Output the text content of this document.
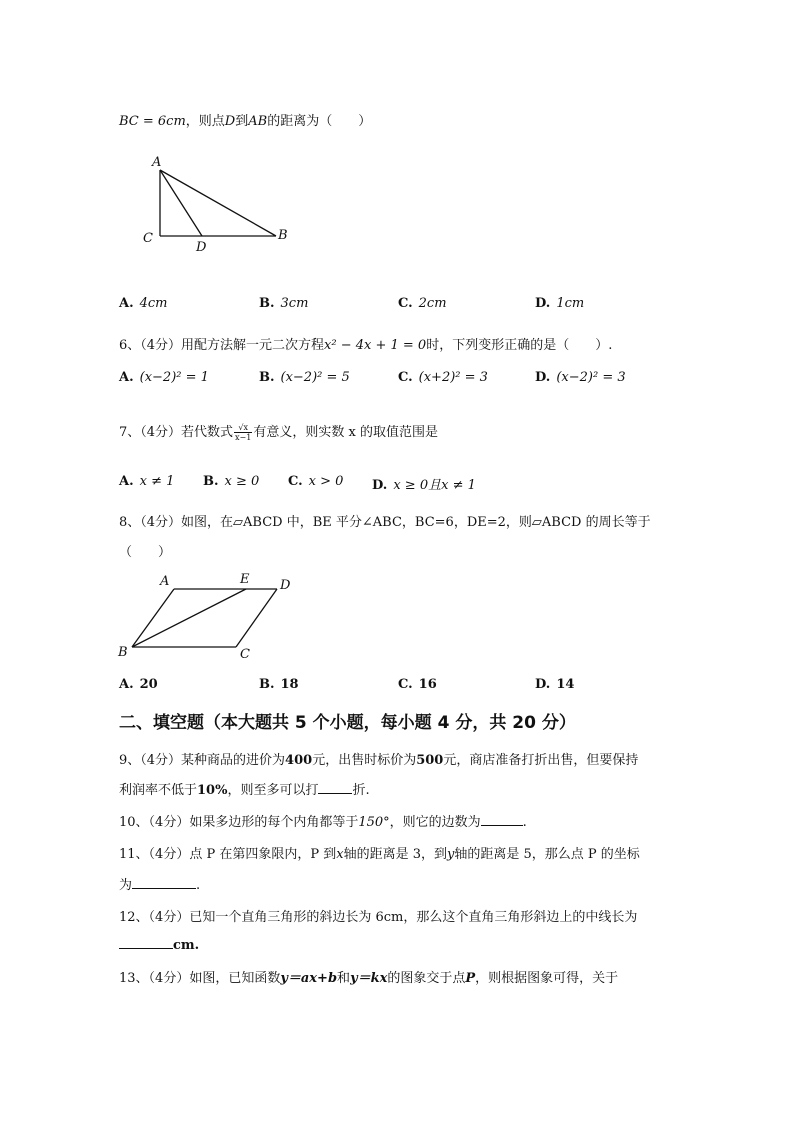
BC = 6cm，则点D到AB的距离为（　　）
A
C
D
B
A. 4cm	B. 3cm	C. 2cm	D. 1cm
6、（4分）用配方法解一元二次方程x² − 4x + 1 = 0时，下列变形正确的是（　　）.
A. (x−2)² = 1	B. (x−2)² = 5	C. (x+2)² = 3	D. (x−2)² = 3
7、（4分）若代数式 $\frac{√x}{x-1}$ 有意义，则实数 x 的取值范围是
A. x ≠ 1 B. x ≥ 0 C. x > 0 D. x ≥ 0且x ≠ 1
8、（4分）如图，在▱ABCD 中，BE 平分∠ABC，BC=6，DE=2，则▱ABCD 的周长等于
（　　）
A	E D
B	C
A. 20	B. 18	C. 16	D. 14
二、填空题（本大题共 5 个小题，每小题 4 分，共 20 分）
9、（4分）某种商品的进价为400元，出售时标价为500元，商店准备打折出售，但要保持
利润率不低于10%，则至多可以打	折.
10、（4分）如果多边形的每个内角都等于150°，则它的边数为	.
11、（4分）点 P 在第四象限内，P 到x轴的距离是 3，到y轴的距离是 5，那么点 P 的坐标
为	.
12、（4分）已知一个直角三角形的斜边长为 6cm，那么这个直角三角形斜边上的中线长为
cm.
13、（4分）如图，已知函数y＝ax+b和y＝kx的图象交于点P，则根据图象可得，关于
